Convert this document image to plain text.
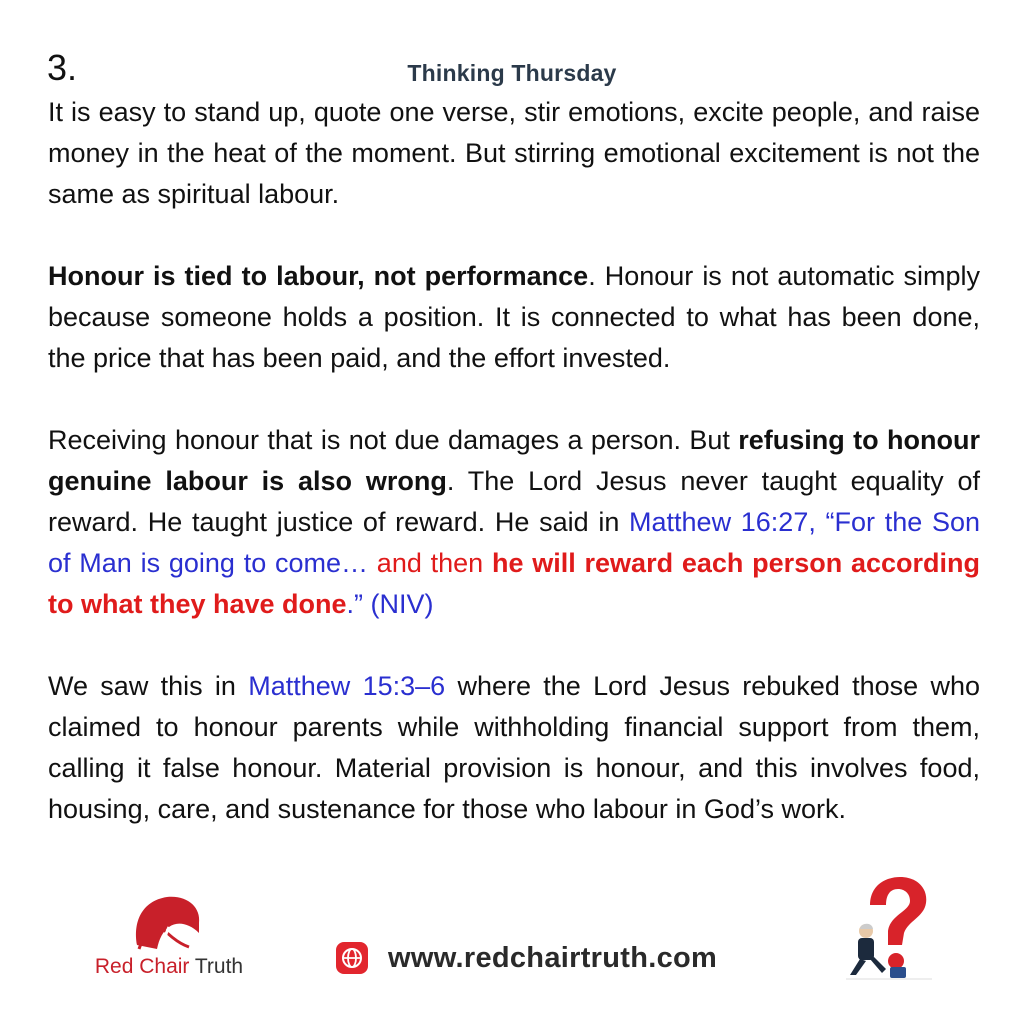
3.	Thinking Thursday

It is easy to stand up, quote one verse, stir emotions, excite people, and raise money in the heat of the moment. But stirring emotional excitement is not the same as spiritual labour.

Honour is tied to labour, not performance. Honour is not automatic simply because someone holds a position. It is connected to what has been done, the price that has been paid, and the effort invested.

Receiving honour that is not due damages a person. But refusing to honour genuine labour is also wrong. The Lord Jesus never taught equality of reward. He taught justice of reward. He said in Matthew 16:27, “For the Son of Man is going to come… and then he will reward each person according to what they have done.” (NIV)

We saw this in Matthew 15:3–6 where the Lord Jesus rebuked those who claimed to honour parents while withholding financial support from them, calling it false honour. Material provision is honour, and this involves food, housing, care, and sustenance for those who labour in God’s work.

Red Chair Truth	www.redchairtruth.com
